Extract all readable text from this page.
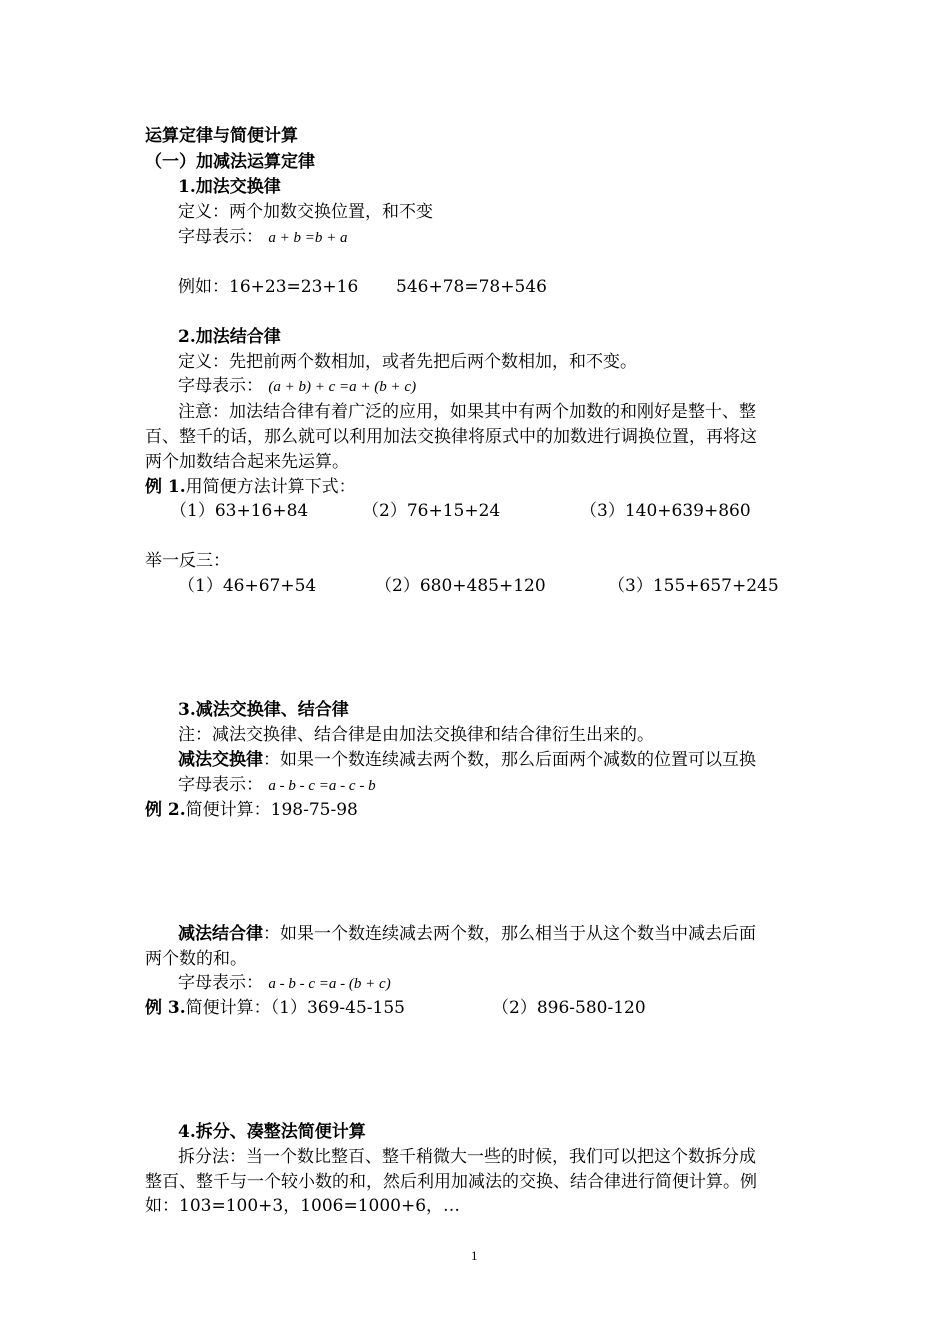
运算定律与简便计算
（一）加减法运算定律
1.加法交换律
定义：两个加数交换位置，和不变
字母表示： a + b =b + a
例如：16+23=23+16 546+78=78+546
2.加法结合律
定义：先把前两个数相加，或者先把后两个数相加，和不变。
字母表示： (a + b) + c =a + (b + c)
注意：加法结合律有着广泛的应用，如果其中有两个加数的和刚好是整十、整
百、整千的话，那么就可以利用加法交换律将原式中的加数进行调换位置，再将这
两个加数结合起来先运算。
例 1.用简便方法计算下式：
（1）63+16+84	（2）76+15+24	（3）140+639+860
举一反三：
（1）46+67+54	（2）680+485+120	（3）155+657+245
3.减法交换律、结合律
注：减法交换律、结合律是由加法交换律和结合律衍生出来的。
减法交换律：如果一个数连续减去两个数，那么后面两个减数的位置可以互换
字母表示： a - b - c =a - c - b
例 2.简便计算：198-75-98
减法结合律：如果一个数连续减去两个数，那么相当于从这个数当中减去后面
两个数的和。
字母表示： a - b - c =a - (b + c)
例 3.简便计算：（1）369-45-155	（2）896-580-120
4.拆分、凑整法简便计算
拆分法：当一个数比整百、整千稍微大一些的时候，我们可以把这个数拆分成
整百、整千与一个较小数的和，然后利用加减法的交换、结合律进行简便计算。例
如：103=100+3，1006=1000+6，…
1
